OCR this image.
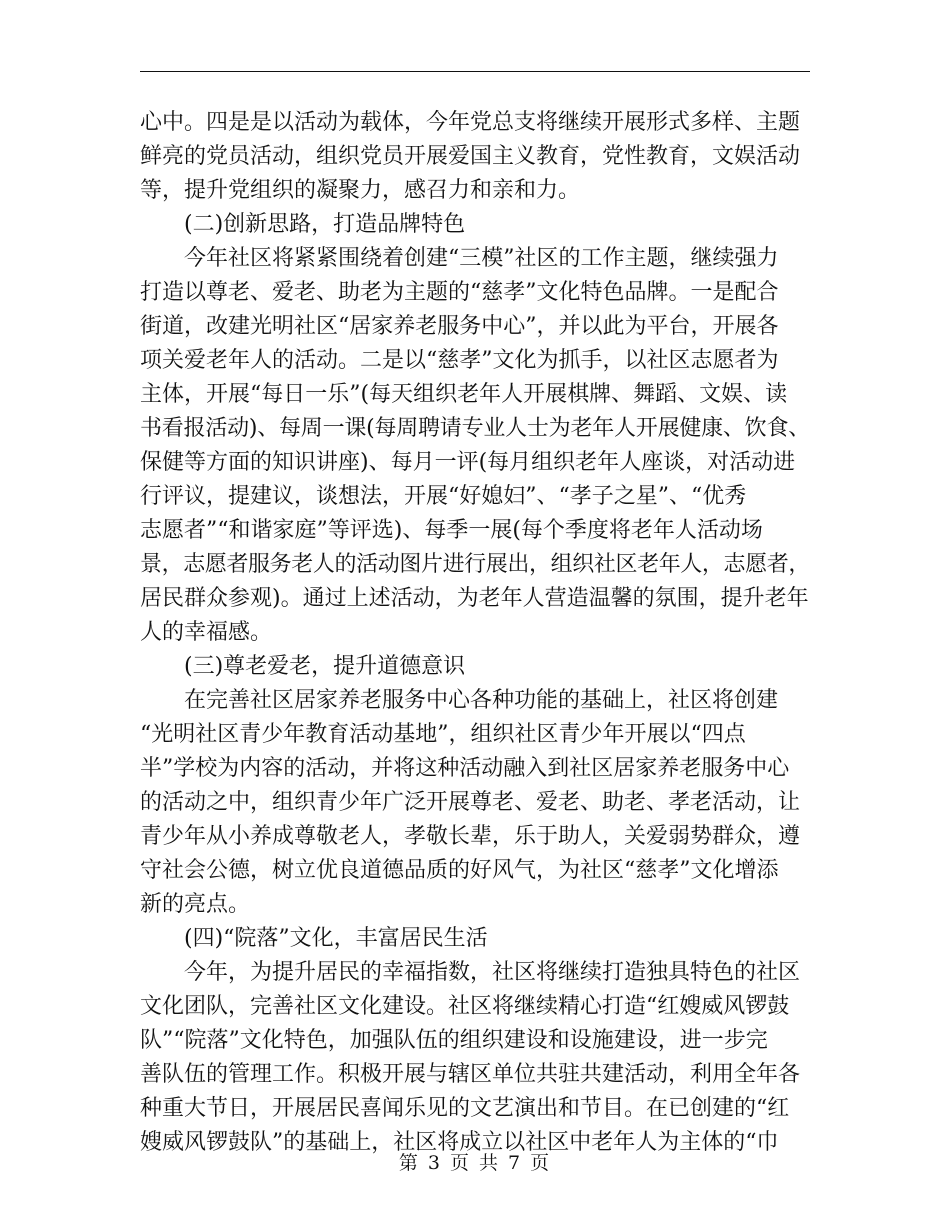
心中。四是是以活动为载体，今年党总支将继续开展形式多样、主题
鲜亮的党员活动，组织党员开展爱国主义教育，党性教育，文娱活动
等，提升党组织的凝聚力，感召力和亲和力。
(二)创新思路，打造品牌特色
今年社区将紧紧围绕着创建“三模”社区的工作主题，继续强力
打造以尊老、爱老、助老为主题的“慈孝”文化特色品牌。一是配合
街道，改建光明社区“居家养老服务中心”，并以此为平台，开展各
项关爱老年人的活动。二是以“慈孝”文化为抓手，以社区志愿者为
主体，开展“每日一乐”(每天组织老年人开展棋牌、舞蹈、文娱、读
书看报活动)、每周一课(每周聘请专业人士为老年人开展健康、饮食、
保健等方面的知识讲座)、每月一评(每月组织老年人座谈，对活动进
行评议，提建议，谈想法，开展“好媳妇”、“孝子之星”、“优秀
志愿者”“和谐家庭”等评选)、每季一展(每个季度将老年人活动场
景，志愿者服务老人的活动图片进行展出，组织社区老年人，志愿者，
居民群众参观)。通过上述活动，为老年人营造温馨的氛围，提升老年
人的幸福感。
(三)尊老爱老，提升道德意识
在完善社区居家养老服务中心各种功能的基础上，社区将创建
“光明社区青少年教育活动基地”，组织社区青少年开展以“四点
半”学校为内容的活动，并将这种活动融入到社区居家养老服务中心
的活动之中，组织青少年广泛开展尊老、爱老、助老、孝老活动，让
青少年从小养成尊敬老人，孝敬长辈，乐于助人，关爱弱势群众，遵
守社会公德，树立优良道德品质的好风气，为社区“慈孝”文化增添
新的亮点。
(四)“院落”文化，丰富居民生活
今年，为提升居民的幸福指数，社区将继续打造独具特色的社区
文化团队，完善社区文化建设。社区将继续精心打造“红嫂威风锣鼓
队”“院落”文化特色，加强队伍的组织建设和设施建设，进一步完
善队伍的管理工作。积极开展与辖区单位共驻共建活动，利用全年各
种重大节日，开展居民喜闻乐见的文艺演出和节目。在已创建的“红
嫂威风锣鼓队”的基础上，社区将成立以社区中老年人为主体的“巾
第 3 页 共 7 页
